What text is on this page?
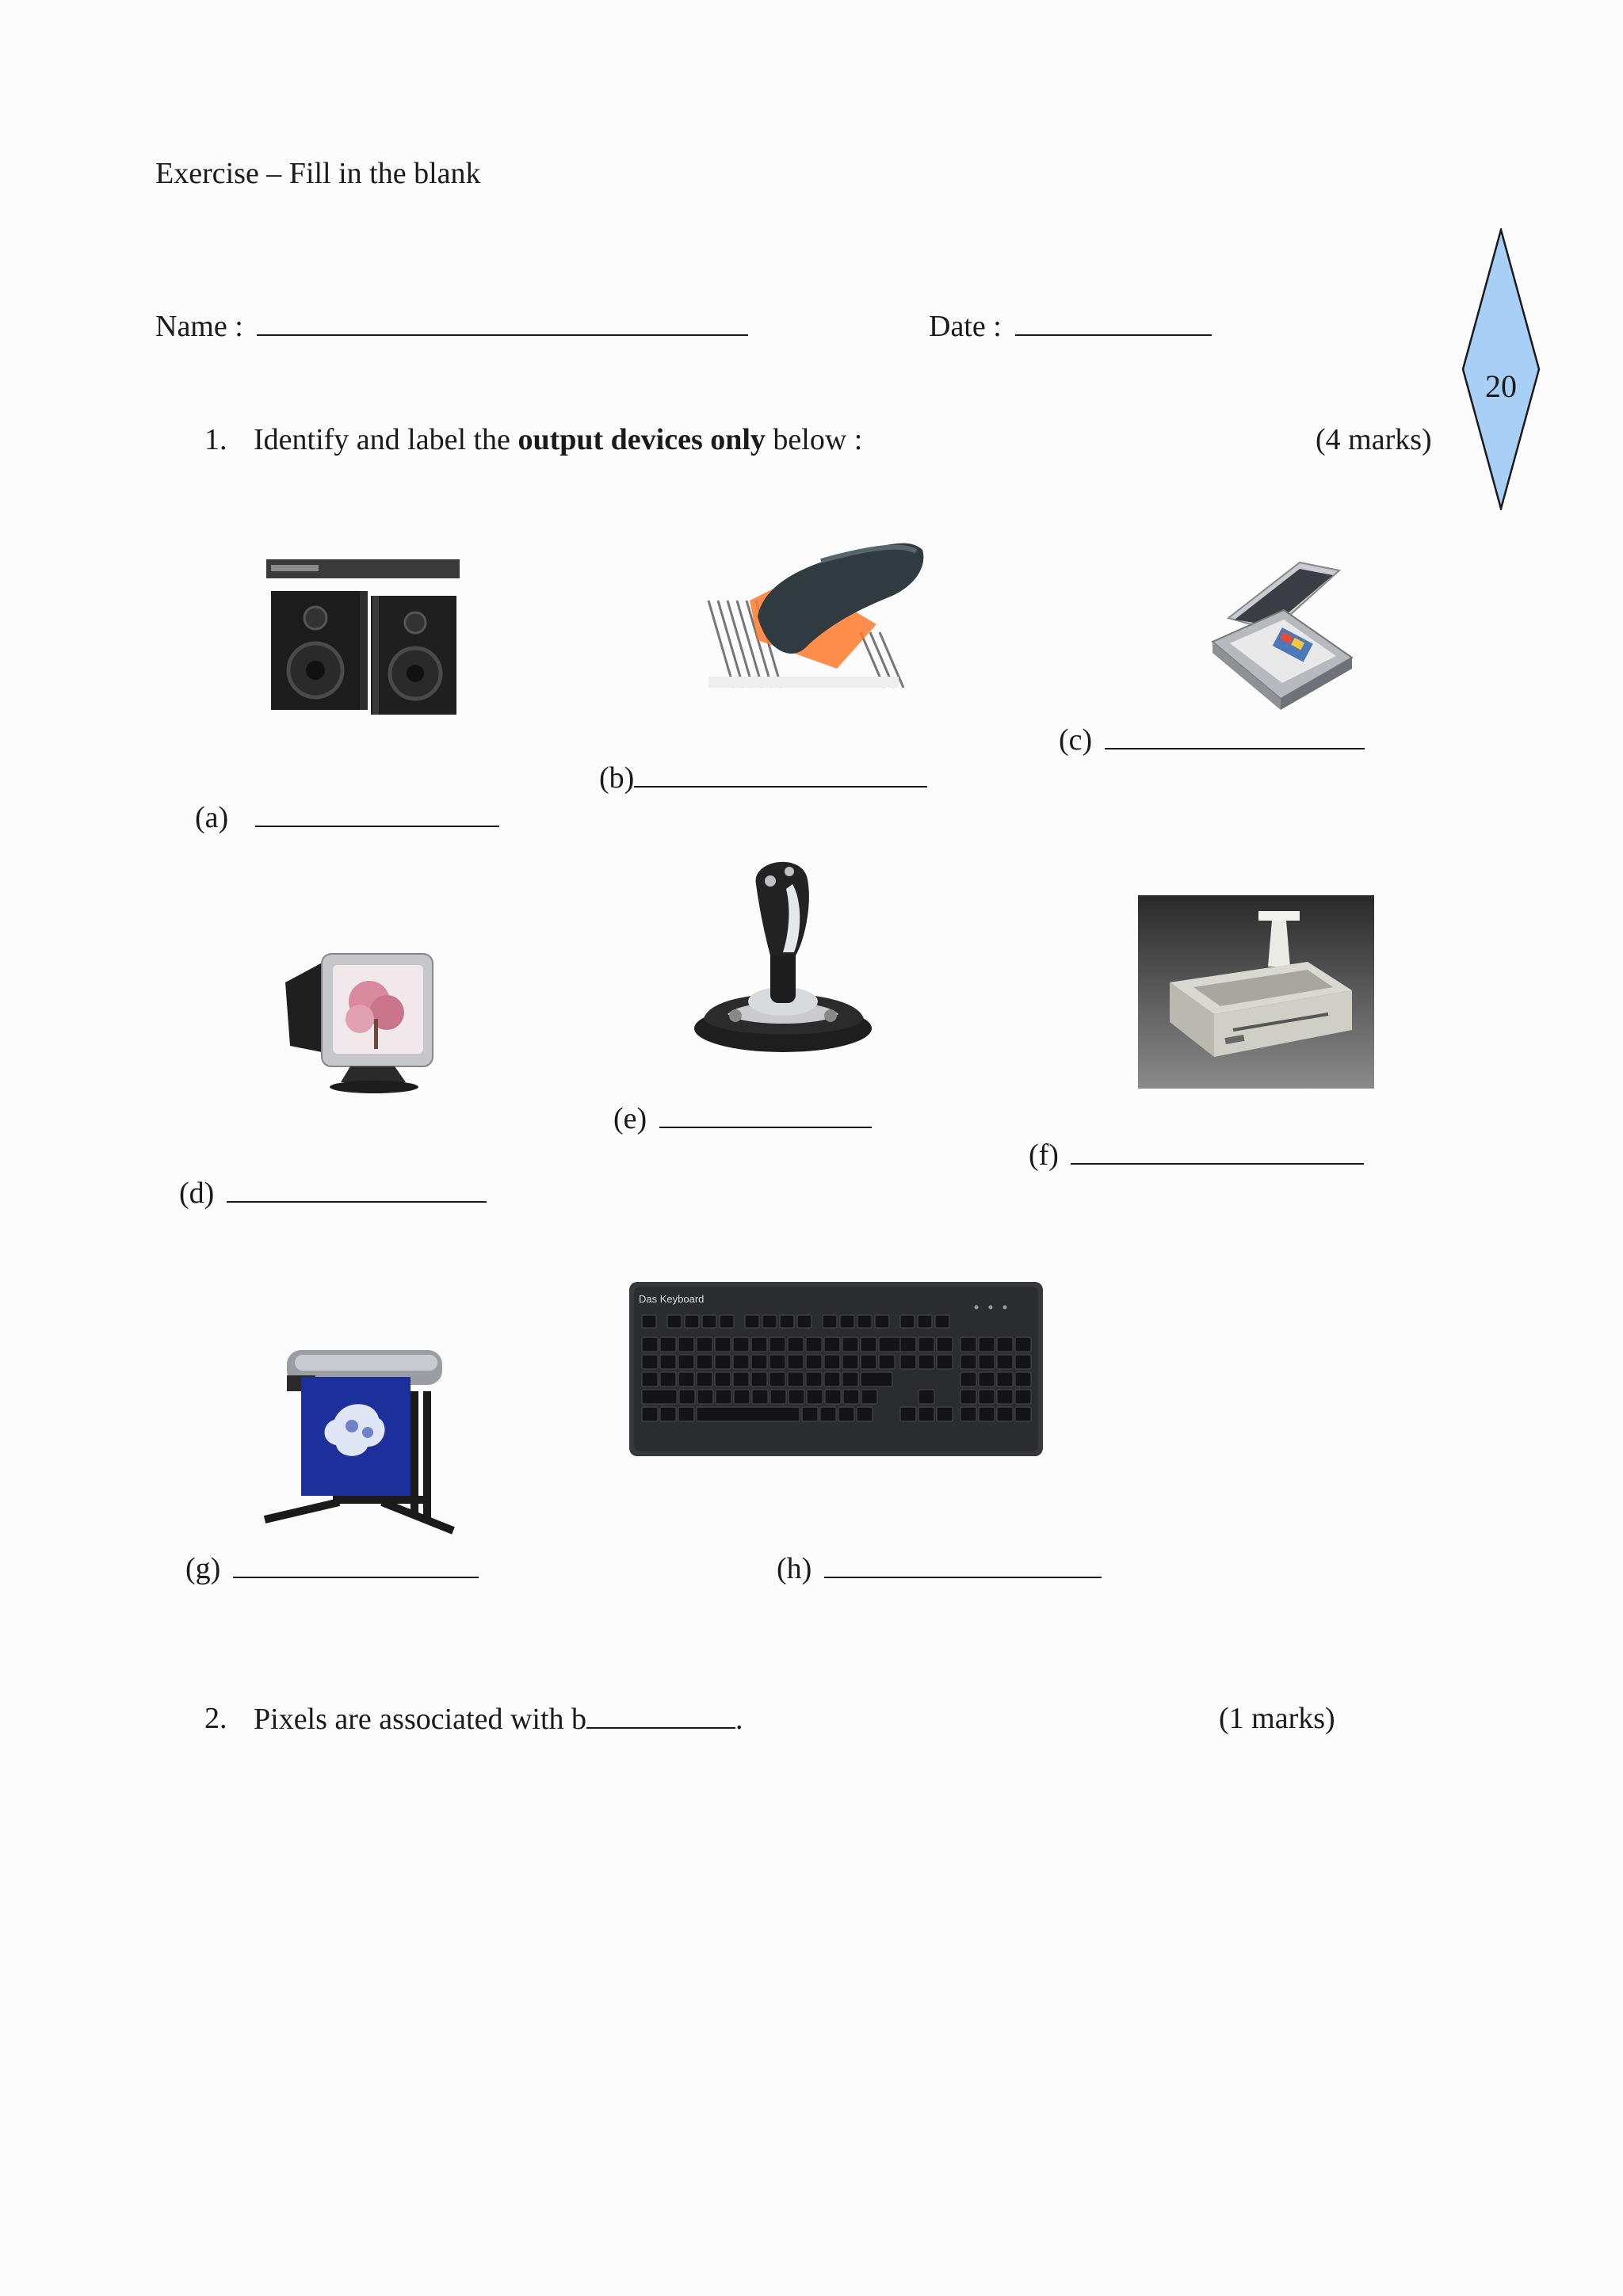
Exercise – Fill in the blank
Name :	Date :
20
1. Identify and label the output devices only below :	(4 marks)
(a)
(b)
(c)
(d)
(e)
(f)
(g)
Das Keyboard
(h)
2. Pixels are associated with b	.	(1 marks)
